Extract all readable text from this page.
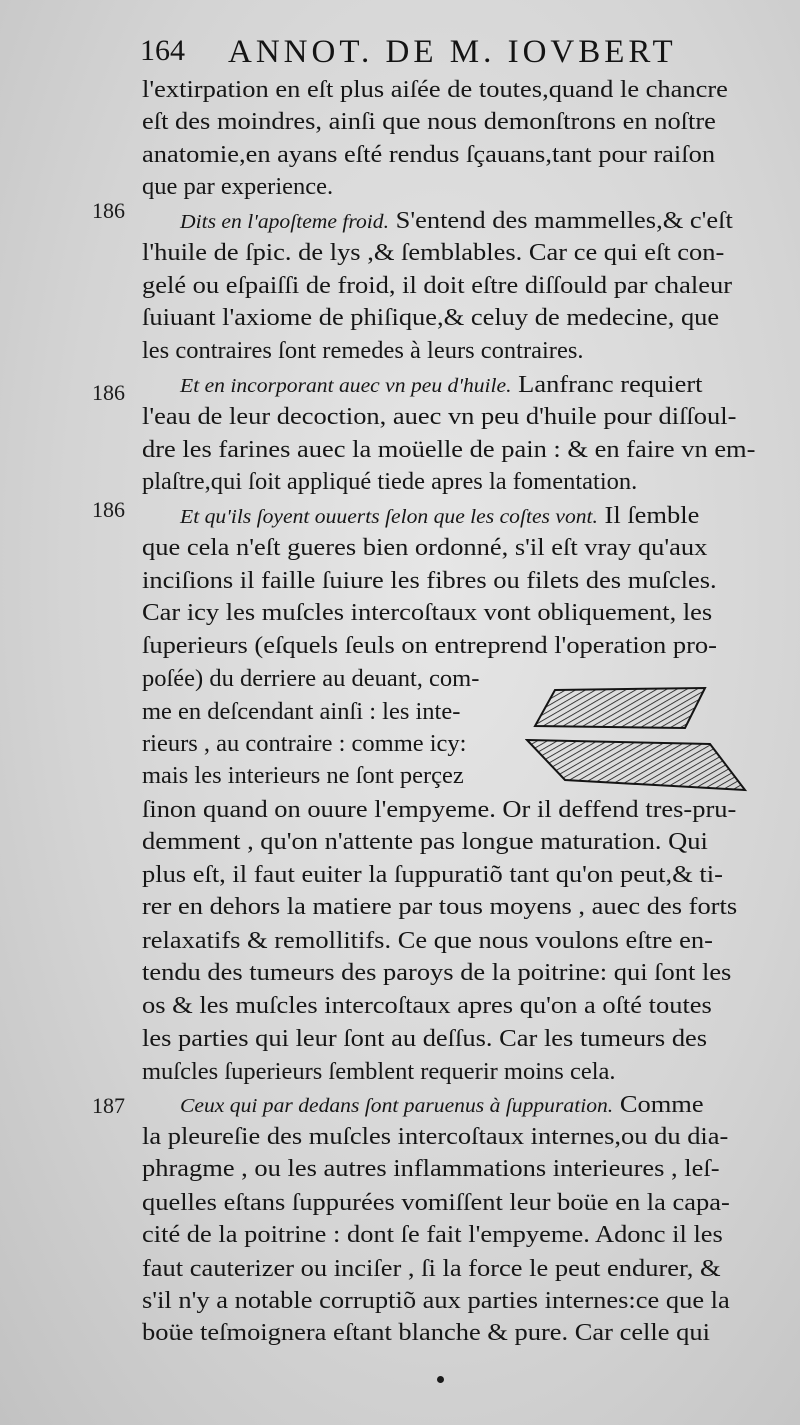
164 ANNOT. DE M. IOVBERT
186
186
186
187
l'extirpation en eſt plus aiſée de toutes,quand le chancre
eſt des moindres, ainſi que nous demonſtrons en noſtre
anatomie,en ayans eſté rendus ſçauans,tant pour raiſon
que par experience.
Dits en l'apoſteme froid. S'entend des mammelles,& c'eſt
l'huile de ſpic. de lys ,& ſemblables. Car ce qui eſt con-
gelé ou eſpaiſſi de froid, il doit eſtre diſſould par chaleur
ſuiuant l'axiome de phiſique,& celuy de medecine, que
les contraires ſont remedes à leurs contraires.
Et en incorporant auec vn peu d'huile. Lanfranc requiert
l'eau de leur decoction, auec vn peu d'huile pour diſſoul-
dre les farines auec la moüelle de pain : & en faire vn em-
plaſtre,qui ſoit appliqué tiede apres la fomentation.
Et qu'ils ſoyent ouuerts ſelon que les coſtes vont. Il ſemble
que cela n'eſt gueres bien ordonné, s'il eſt vray qu'aux
inciſions il faille ſuiure les fibres ou filets des muſcles.
Car icy les muſcles intercoſtaux vont obliquement, les
ſuperieurs (eſquels ſeuls on entreprend l'operation pro-
poſée) du derriere au deuant, com-
me en deſcendant ainſi : les inte-
rieurs , au contraire : comme icy:
mais les interieurs ne ſont perçez
ſinon quand on ouure l'empyeme. Or il deffend tres-pru-
demment , qu'on n'attente pas longue maturation. Qui
plus eſt, il faut euiter la ſuppuratiõ tant qu'on peut,& ti-
rer en dehors la matiere par tous moyens , auec des forts
relaxatifs & remollitifs. Ce que nous voulons eſtre en-
tendu des tumeurs des paroys de la poitrine: qui ſont les
os & les muſcles intercoſtaux apres qu'on a oſté toutes
les parties qui leur ſont au deſſus. Car les tumeurs des
muſcles ſuperieurs ſemblent requerir moins cela.
Ceux qui par dedans ſont paruenus à ſuppuration. Comme
la pleureſie des muſcles intercoſtaux internes,ou du dia-
phragme , ou les autres inflammations interieures , leſ-
quelles eſtans ſuppurées vomiſſent leur boüe en la capa-
cité de la poitrine : dont ſe fait l'empyeme. Adonc il les
faut cauterizer ou inciſer , ſi la force le peut endurer, &
s'il n'y a notable corruptiõ aux parties internes:ce que la
boüe teſmoignera eſtant blanche & pure. Car celle qui
